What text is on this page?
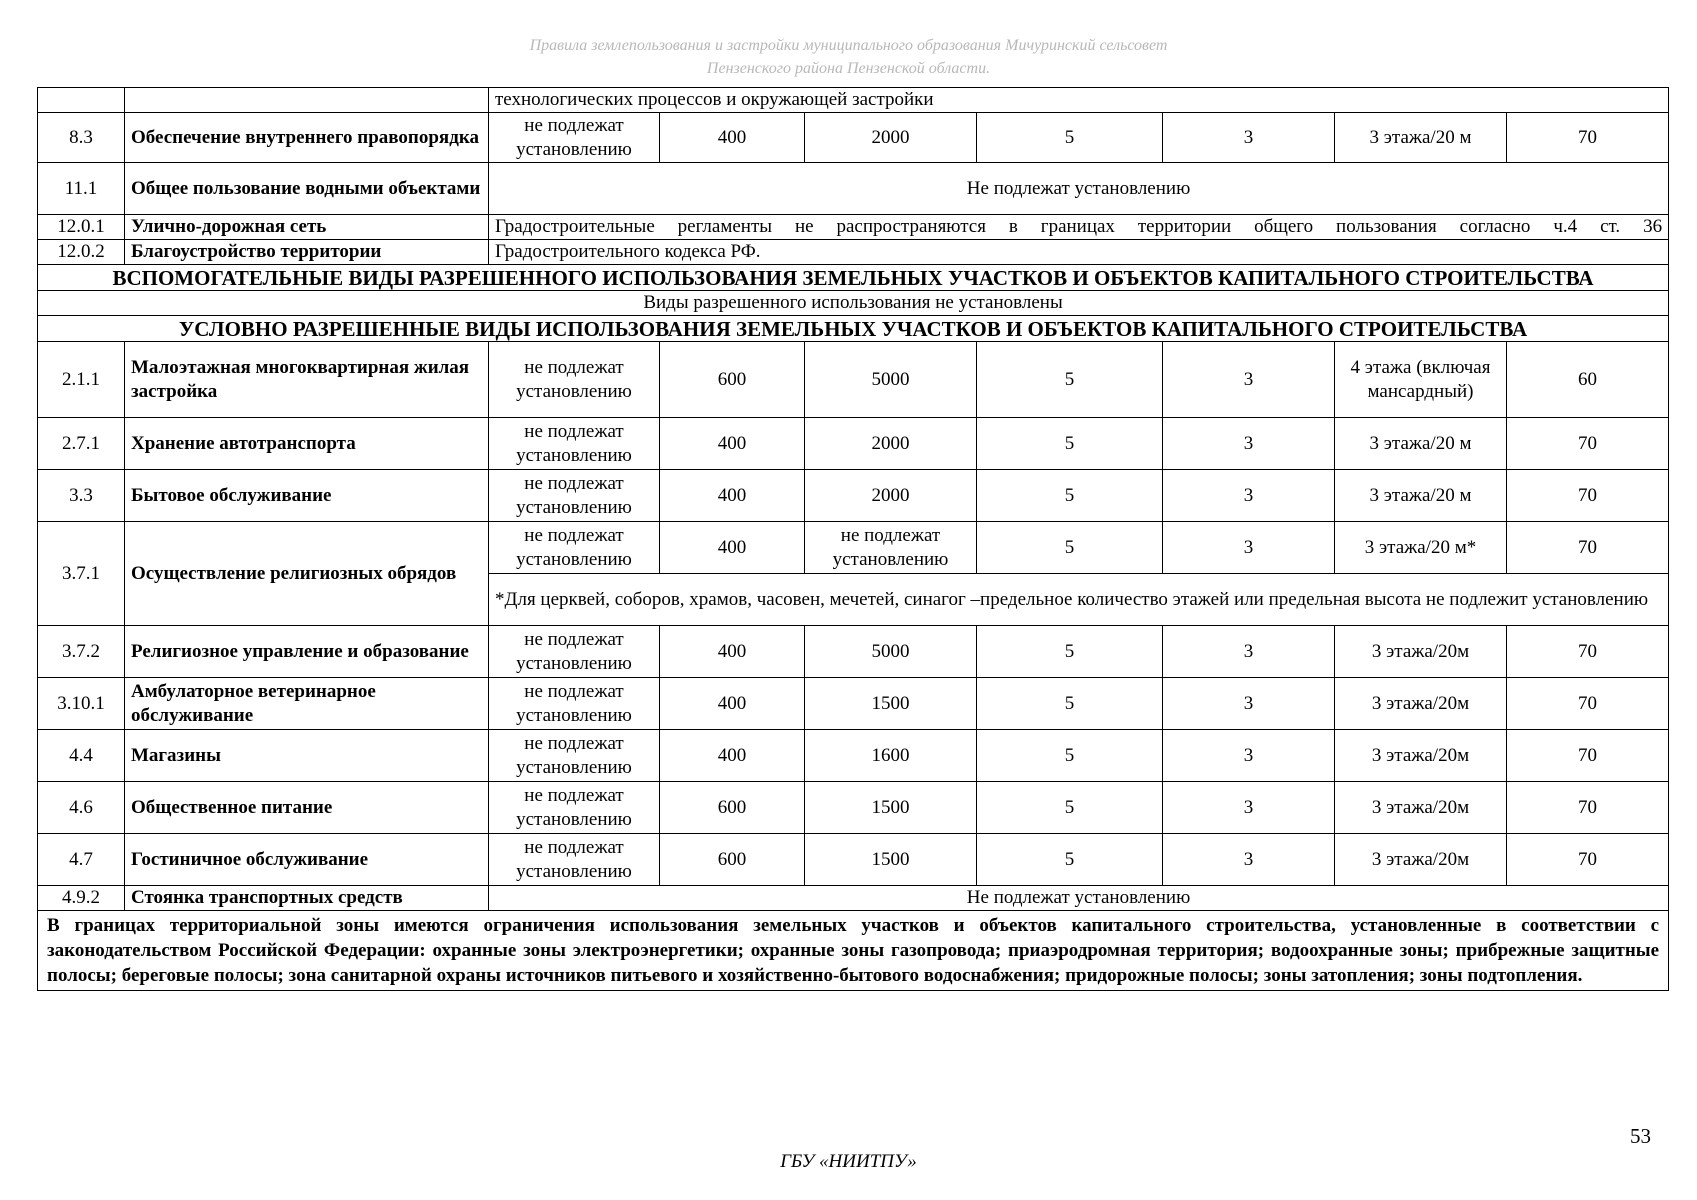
Правила землепользования и застройки муниципального образования Мичуринский сельсовет
Пензенского района Пензенской области.
		технологических процессов и окружающей застройки						
8.3	Обеспечение внутреннего правопорядка	не подлежат установлению	400	2000	5	3	3 этажа/20 м	70
11.1	Общее пользование водными объектами	Не подлежат установлению						
12.0.1	Улично-дорожная сеть	Градостроительные регламенты не распространяются в границах территории общего пользования согласно ч.4 ст. 36						
12.0.2	Благоустройство территории	Градостроительного кодекса РФ.						
ВСПОМОГАТЕЛЬНЫЕ ВИДЫ РАЗРЕШЕННОГО ИСПОЛЬЗОВАНИЯ ЗЕМЕЛЬНЫХ УЧАСТКОВ И ОБЪЕКТОВ КАПИТАЛЬНОГО СТРОИТЕЛЬСТВА								
Виды разрешенного использования не установлены								
УСЛОВНО РАЗРЕШЕННЫЕ ВИДЫ ИСПОЛЬЗОВАНИЯ ЗЕМЕЛЬНЫХ УЧАСТКОВ И ОБЪЕКТОВ КАПИТАЛЬНОГО СТРОИТЕЛЬСТВА								
2.1.1	Малоэтажная многоквартирная жилая застройка	не подлежат установлению	600	5000	5	3	4 этажа (включая мансардный)	60
2.7.1	Хранение автотранспорта	не подлежат установлению	400	2000	5	3	3 этажа/20 м	70
3.3	Бытовое обслуживание	не подлежат установлению	400	2000	5	3	3 этажа/20 м	70
3.7.1	Осуществление религиозных обрядов	не подлежат установлению	400	не подлежат установлению	5	3	3 этажа/20 м*	70
		*Для церквей, соборов, храмов, часовен, мечетей, синагог –предельное количество этажей или предельная высота не подлежит установлению						
3.7.2	Религиозное управление и образование	не подлежат установлению	400	5000	5	3	3 этажа/20м	70
3.10.1	Амбулаторное ветеринарное обслуживание	не подлежат установлению	400	1500	5	3	3 этажа/20м	70
4.4	Магазины	не подлежат установлению	400	1600	5	3	3 этажа/20м	70
4.6	Общественное питание	не подлежат установлению	600	1500	5	3	3 этажа/20м	70
4.7	Гостиничное обслуживание	не подлежат установлению	600	1500	5	3	3 этажа/20м	70
4.9.2	Стоянка транспортных средств	Не подлежат установлению						
В границах территориальной зоны имеются ограничения использования земельных участков и объектов капитального строительства, установленные в соответствии с законодательством Российской Федерации: охранные зоны электроэнергетики; охранные зоны газопровода; приаэродромная территория; водоохранные зоны; прибрежные защитные полосы; береговые полосы; зона санитарной охраны источников питьевого и хозяйственно-бытового водоснабжения; придорожные полосы; зоны затопления; зоны подтопления.								
53
ГБУ «НИИТПУ»
